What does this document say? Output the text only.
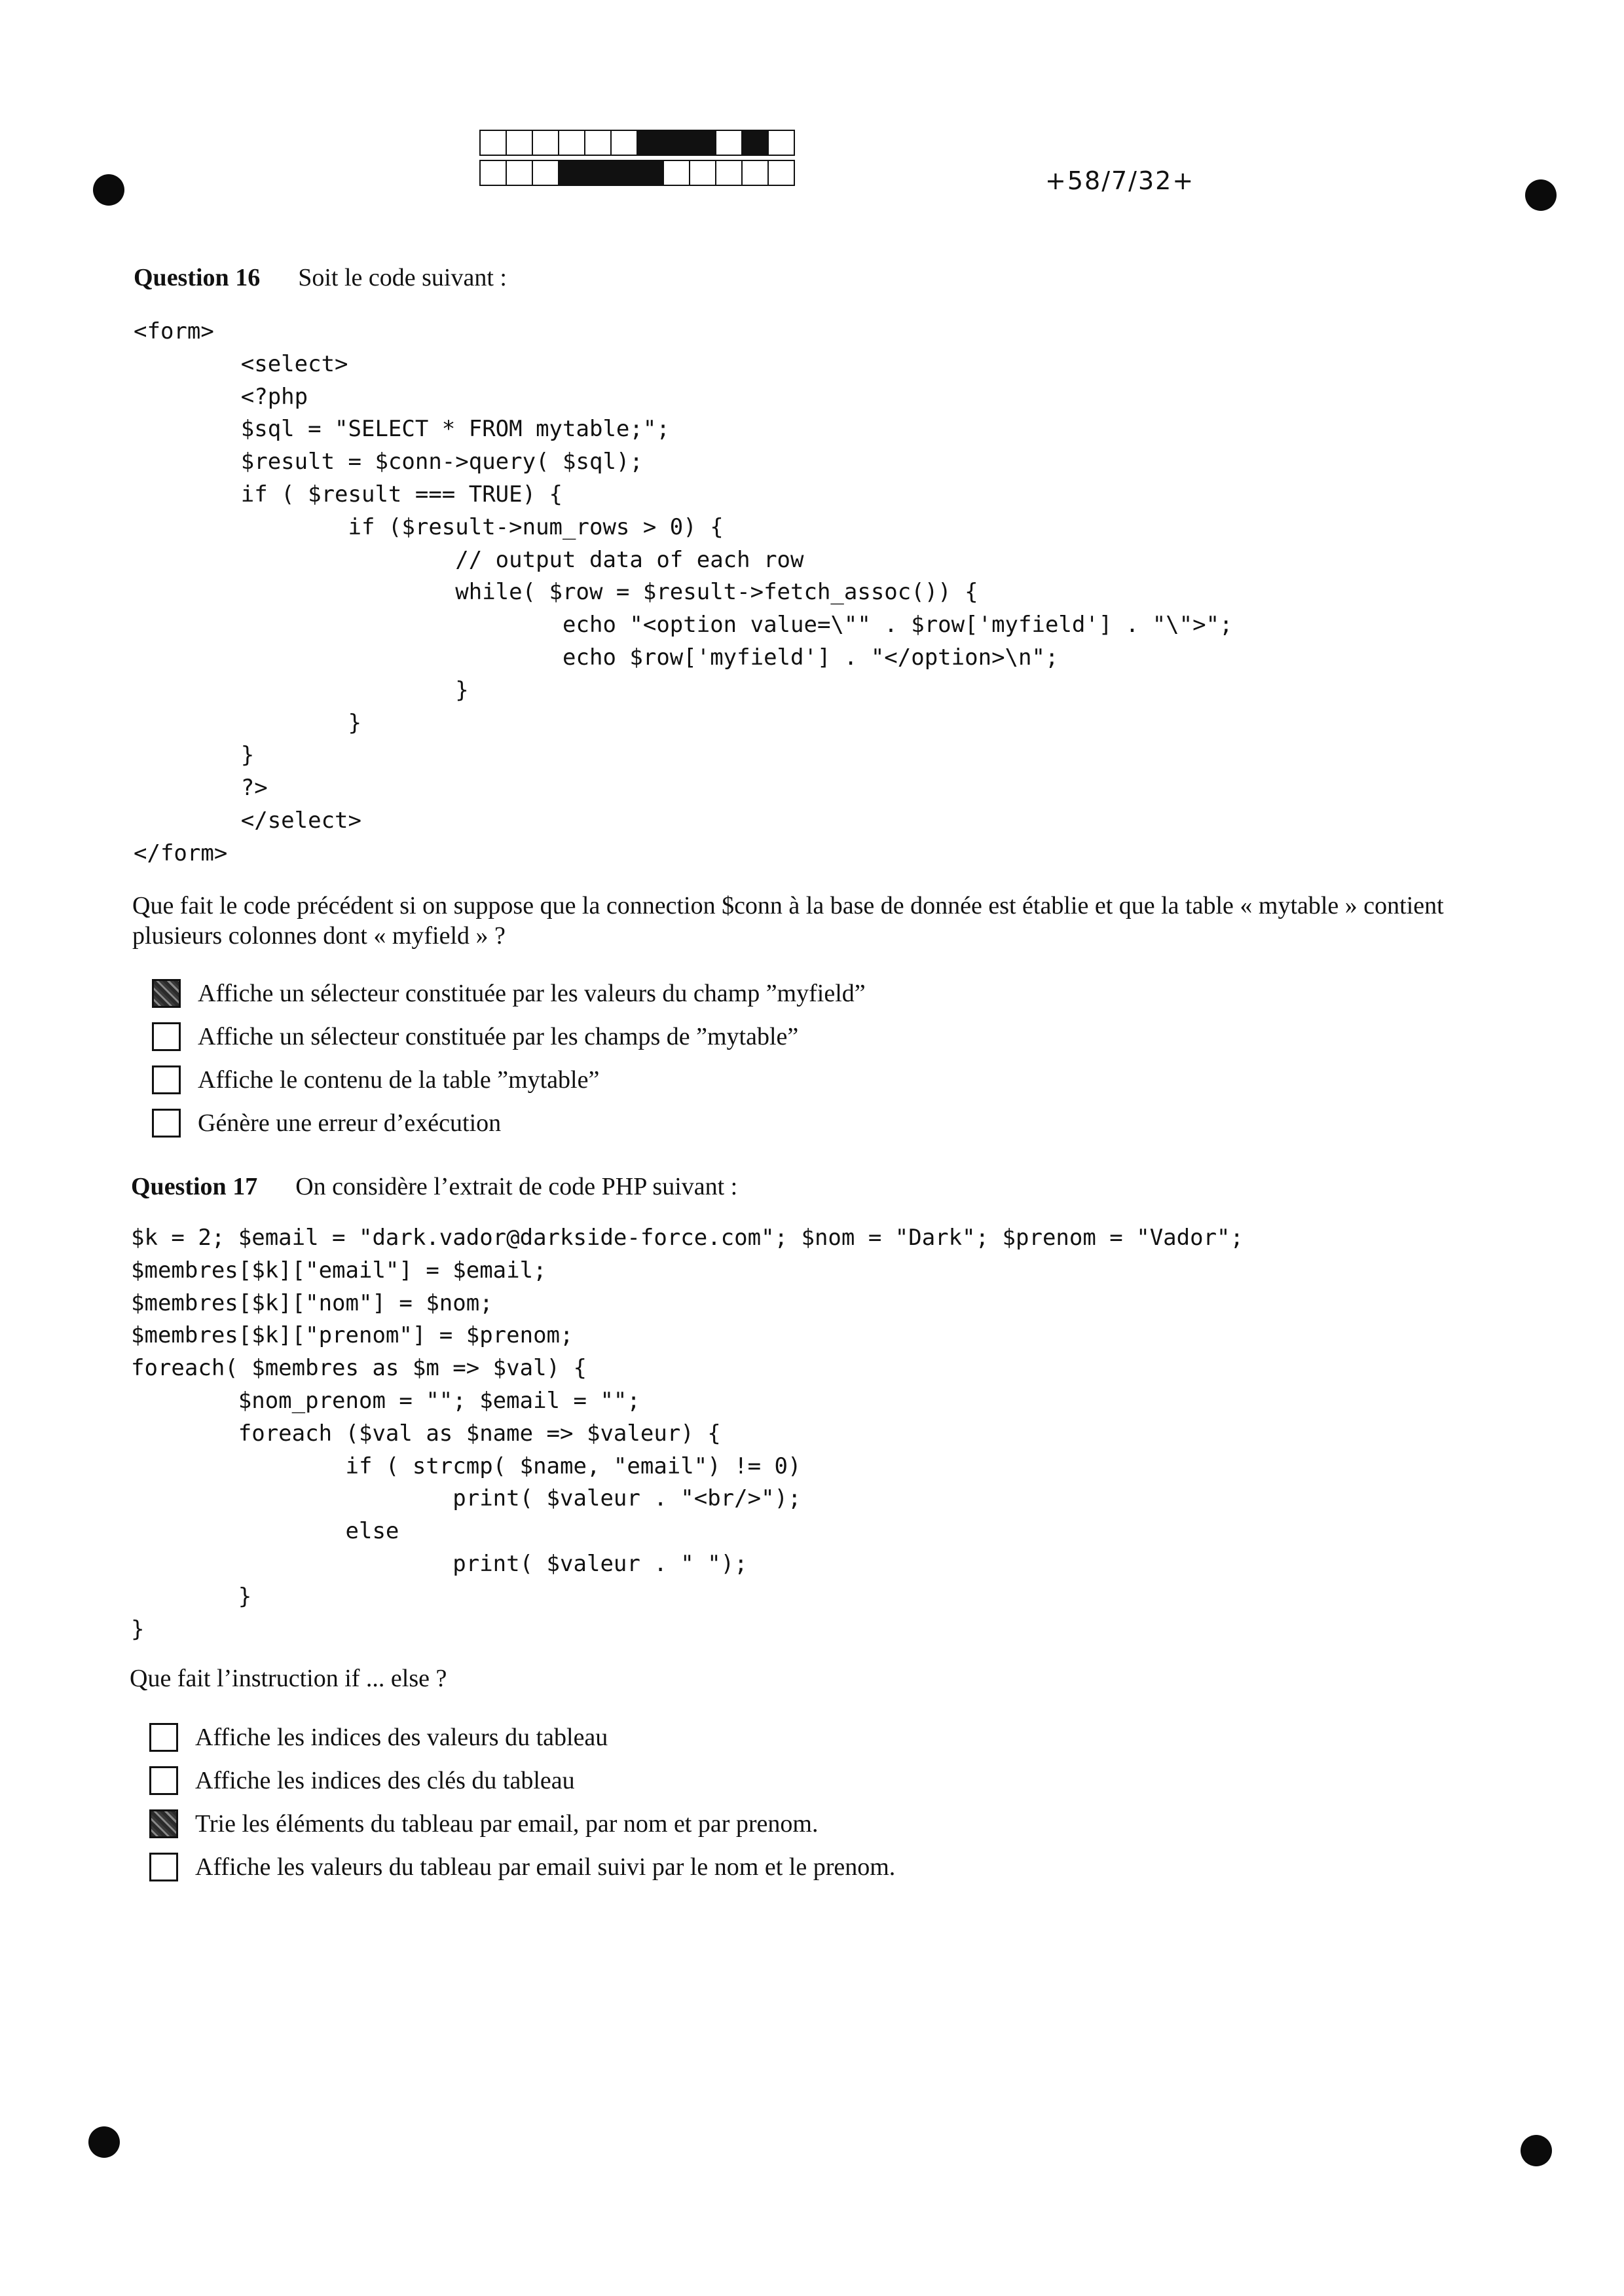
+58/7/32+
Question 16 Soit le code suivant :
<form>
<select>
<?php
$sql = "SELECT * FROM mytable;";
$result = $conn->query( $sql);
if ( $result === TRUE) {
if ($result->num_rows > 0) {
// output data of each row
while( $row = $result->fetch_assoc()) {
echo "<option value=\"" . $row['myfield'] . "\">";
echo $row['myfield'] . "</option>\n";
}
}
}
?>
</select>
</form>
Que fait le code précédent si on suppose que la connection $conn à la base de donnée est établie et que la table « mytable » contient plusieurs colonnes dont « myfield » ?
Affiche un sélecteur constituée par les valeurs du champ ”myfield”
Affiche un sélecteur constituée par les champs de ”mytable”
Affiche le contenu de la table ”mytable”
Génère une erreur d’exécution
Question 17 On considère l’extrait de code PHP suivant :
$k = 2; $email = "dark.vador@darkside-force.com"; $nom = "Dark"; $prenom = "Vador";
$membres[$k]["email"] = $email;
$membres[$k]["nom"] = $nom;
$membres[$k]["prenom"] = $prenom;
foreach( $membres as $m => $val) {
$nom_prenom = ""; $email = "";
foreach ($val as $name => $valeur) {
if ( strcmp( $name, "email") != 0)
print( $valeur . "<br/>");
else
print( $valeur . " ");
}
}
Que fait l’instruction if ... else ?
Affiche les indices des valeurs du tableau
Affiche les indices des clés du tableau
Trie les éléments du tableau par email, par nom et par prenom.
Affiche les valeurs du tableau par email suivi par le nom et le prenom.
